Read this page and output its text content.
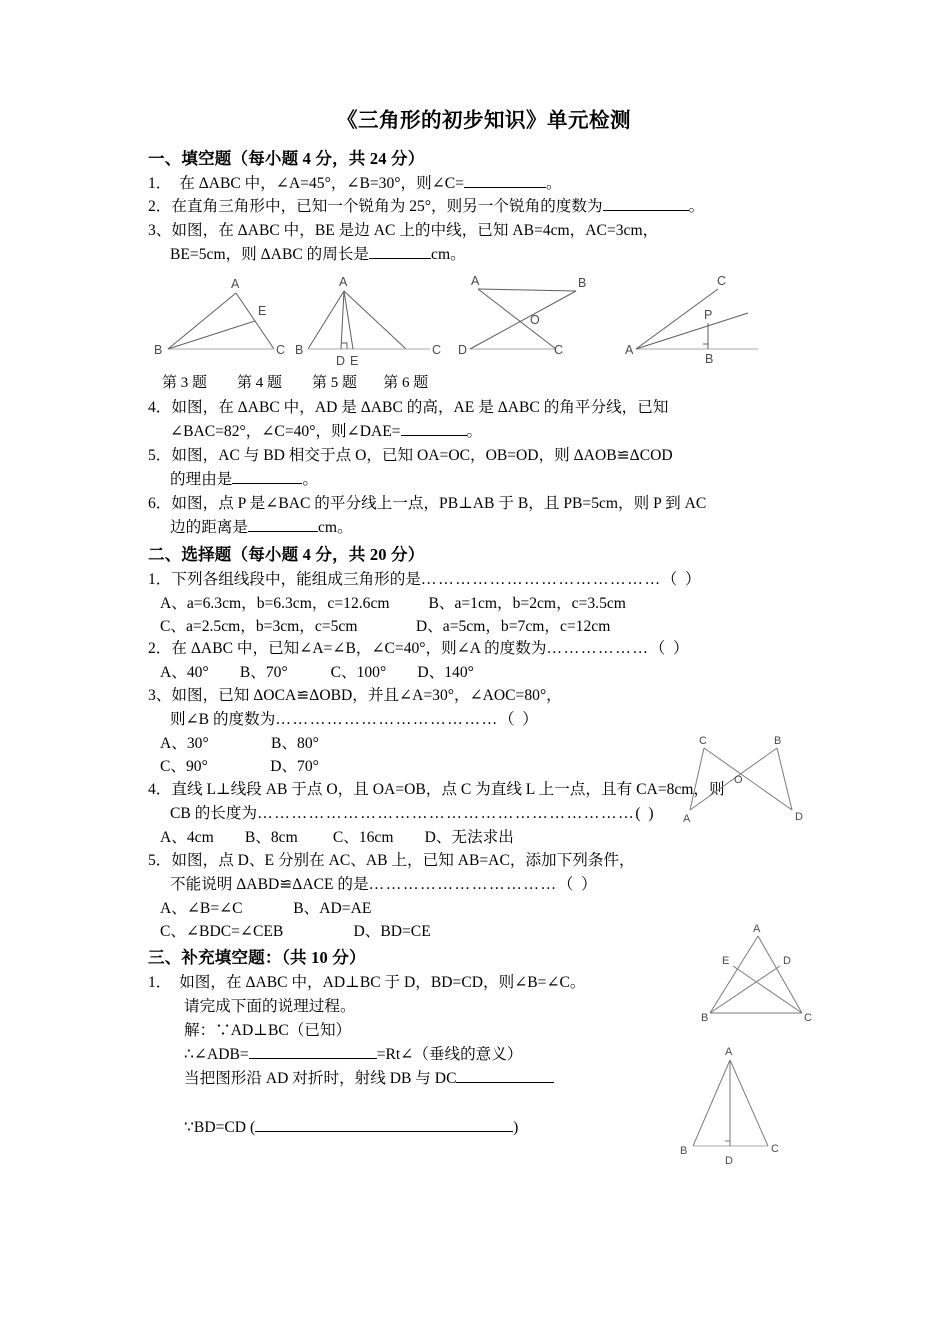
《三角形的初步知识》单元检测
一、填空题（每小题 4 分，共 24 分）
1．　 在 ΔABC 中，∠A=45°，∠B=30°，则∠C=	。
2．在直角三角形中，已知一个锐角为 25°，则另一个锐角的度数为	。
3、如图，在 ΔABC 中，BE 是边 AC 上的中线，已知 AB=4cm，AC=3cm，
BE=5cm，则 ΔABC 的周长是	cm。
A
B	C
E
A
B	C
D E
A	B
C
D
O
A
B
C
P
第 3 题 第 4 题 第 5 题 第 6 题
4．如图，在 ΔABC 中，AD 是 ΔABC 的高，AE 是 ΔABC 的角平分线，已知
∠BAC=82°，∠C=40°，则∠DAE=	。
5．如图，AC 与 BD 相交于点 O，已知 OA=OC，OB=OD，则 ΔAOB≌ΔCOD
的理由是	。
6．如图，点 P 是∠BAC 的平分线上一点，PB⊥AB 于 B，且 PB=5cm，则 P 到 AC
边的距离是	cm。
二、选择题（每小题 4 分，共 20 分）
1．下列各组线段中，能组成三角形的是……………………………………（  ）
A、a=6.3cm，b=6.3cm，c=12.6cm          B、a=1cm，b=2cm，c=3.5cm
C、a=2.5cm，b=3cm，c=5cm               D、a=5cm，b=7cm，c=12cm
2．在 ΔABC 中，已知∠A=∠B，∠C=40°，则∠A 的度数为………………（  ）
A、40°        B、70°           C、100°        D、140°
3、如图，已知 ΔOCA≌ΔOBD，并且∠A=30°，∠AOC=80°，
则∠B 的度数为…………………………………（  ）
A、30°                B、80°
C、90°                D、70°
4．直线 L⊥线段 AB 于点 O，且 OA=OB，点 C 为直线 L 上一点，且有 CA=8cm，则
CB 的长度为…………………………………………………………(  )
A、4cm        B、8cm         C、16cm        D、无法求出
5．如图，点 D、E 分别在 AC、AB 上，已知 AB=AC，添加下列条件，
不能说明 ΔABD≌ΔACE 的是……………………………（  ）
A、∠B=∠C             B、AD=AE
C、∠BDC=∠CEB                  D、BD=CE
三、补充填空题：（共 10 分）
1．　 如图，在 ΔABC 中，AD⊥BC 于 D，BD=CD，则∠B=∠C。
请完成下面的说理过程。
解：∵AD⊥BC（已知）
∴∠ADB=	=Rt∠（垂线的意义）
当把图形沿 AD 对折时，射线 DB 与 DC
∵BD=CD (	)
C	B
A	D
O
A
E	D
B	C
A
B	C
D
